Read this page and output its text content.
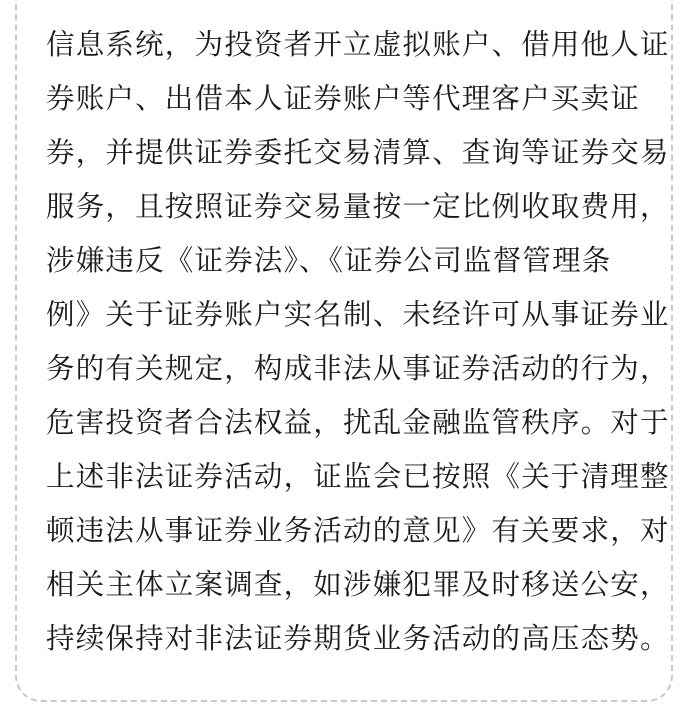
信息系统，为投资者开立虚拟账户、借用他人证
券账户、出借本人证券账户等代理客户买卖证
券，并提供证券委托交易清算、查询等证券交易
服务，且按照证券交易量按一定比例收取费用，
涉嫌违反《证券法》、《证券公司监督管理条
例》关于证券账户实名制、未经许可从事证券业
务的有关规定，构成非法从事证券活动的行为，
危害投资者合法权益，扰乱金融监管秩序。对于
上述非法证券活动，证监会已按照《关于清理整
顿违法从事证券业务活动的意见》有关要求，对
相关主体立案调查，如涉嫌犯罪及时移送公安，
持续保持对非法证券期货业务活动的高压态势。
